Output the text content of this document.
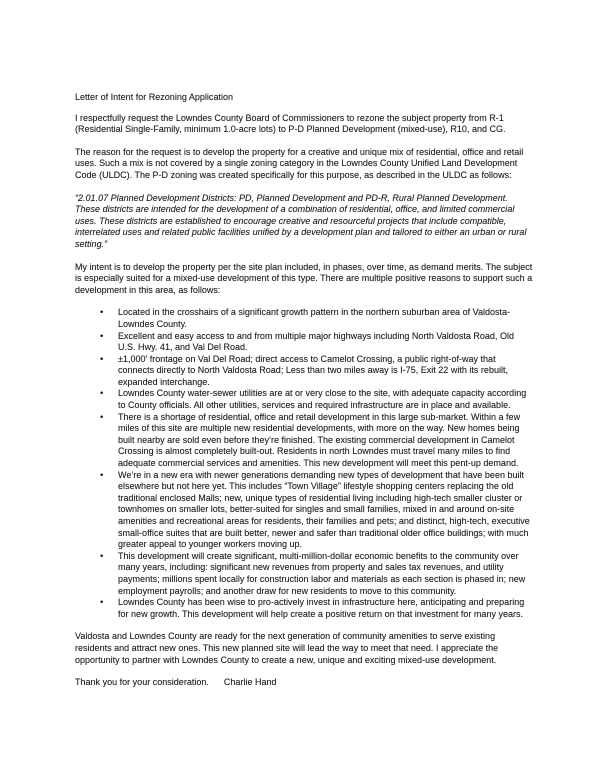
Letter of Intent for Rezoning Application

I respectfully request the Lowndes County Board of Commissioners to rezone the subject property from R-1 (Residential Single-Family, minimum 1.0-acre lots) to P-D Planned Development (mixed-use), R10, and CG.

The reason for the request is to develop the property for a creative and unique mix of residential, office and retail uses. Such a mix is not covered by a single zoning category in the Lowndes County Unified Land Development Code (ULDC). The P-D zoning was created specifically for this purpose, as described in the ULDC as follows:

“2.01.07 Planned Development Districts: PD, Planned Development and PD-R, Rural Planned Development. These districts are intended for the development of a combination of residential, office, and limited commercial uses. These districts are established to encourage creative and resourceful projects that include compatible, interrelated uses and related public facilities unified by a development plan and tailored to either an urban or rural setting.”

My intent is to develop the property per the site plan included, in phases, over time, as demand merits. The subject is especially suited for a mixed-use development of this type. There are multiple positive reasons to support such a development in this area, as follows:

•	Located in the crosshairs of a significant growth pattern in the northern suburban area of Valdosta-Lowndes County.
•	Excellent and easy access to and from multiple major highways including North Valdosta Road, Old U.S. Hwy. 41, and Val Del Road.
•	±1,000’ frontage on Val Del Road; direct access to Camelot Crossing, a public right-of-way that connects directly to North Valdosta Road; Less than two miles away is I-75, Exit 22 with its rebuilt, expanded interchange.
•	Lowndes County water-sewer utilities are at or very close to the site, with adequate capacity according to County officials. All other utilities, services and required infrastructure are in place and available.
•	There is a shortage of residential, office and retail development in this large sub-market. Within a few miles of this site are multiple new residential developments, with more on the way. New homes being built nearby are sold even before they’re finished. The existing commercial development in Camelot Crossing is almost completely built-out. Residents in north Lowndes must travel many miles to find adequate commercial services and amenities. This new development will meet this pent-up demand.
•	We’re in a new era with newer generations demanding new types of development that have been built elsewhere but not here yet. This includes “Town Village” lifestyle shopping centers replacing the old traditional enclosed Malls; new, unique types of residential living including high-tech smaller cluster or townhomes on smaller lots, better-suited for singles and small families, mixed in and around on-site amenities and recreational areas for residents, their families and pets; and distinct, high-tech, executive small-office suites that are built better, newer and safer than traditional older office buildings; with much greater appeal to younger workers moving up.
•	This development will create significant, multi-million-dollar economic benefits to the community over many years, including: significant new revenues from property and sales tax revenues, and utility payments; millions spent locally for construction labor and materials as each section is phased in; new employment payrolls; and another draw for new residents to move to this community.
•	Lowndes County has been wise to pro-actively invest in infrastructure here, anticipating and preparing for new growth. This development will help create a positive return on that investment for many years.

Valdosta and Lowndes County are ready for the next generation of community amenities to serve existing residents and attract new ones. This new planned site will lead the way to meet that need. I appreciate the opportunity to partner with Lowndes County to create a new, unique and exciting mixed-use development.

Thank you for your consideration. Charlie Hand
